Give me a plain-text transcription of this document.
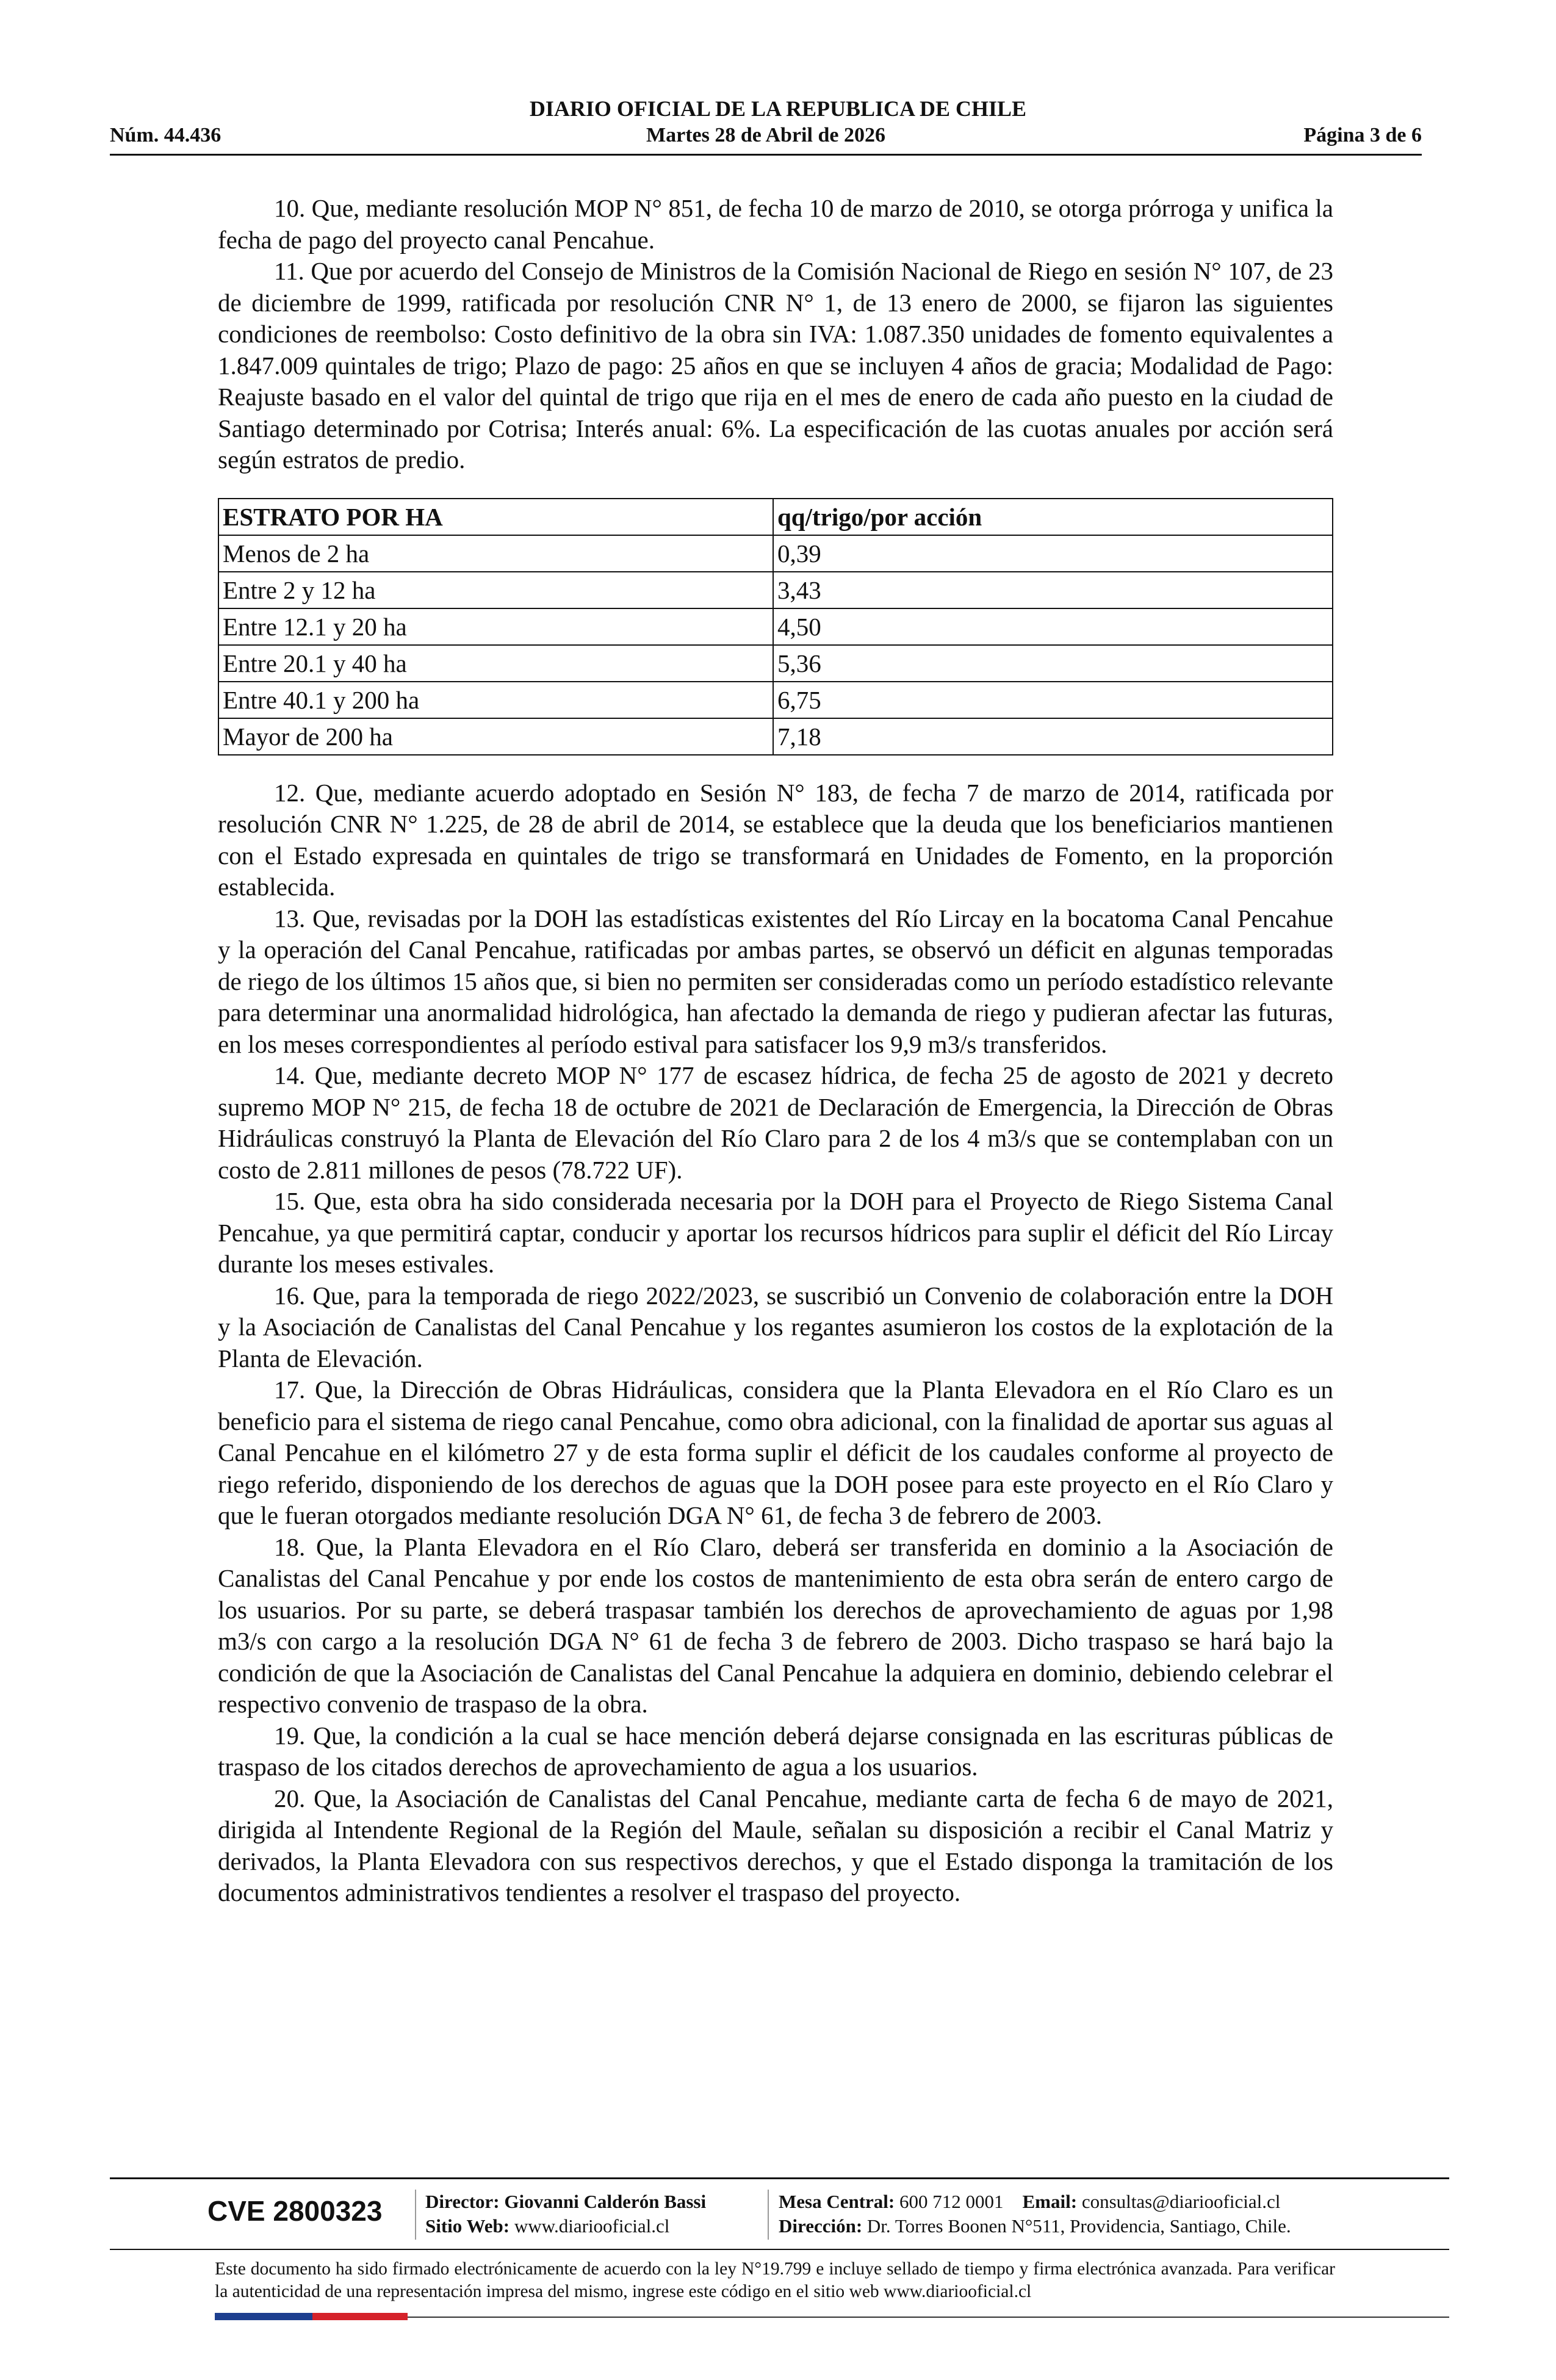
DIARIO OFICIAL DE LA REPUBLICA DE CHILE
Martes 28 de Abril de 2026
Núm. 44.436	Página 3 de 6

10. Que, mediante resolución MOP N° 851, de fecha 10 de marzo de 2010, se otorga prórroga y unifica la fecha de pago del proyecto canal Pencahue.

11. Que por acuerdo del Consejo de Ministros de la Comisión Nacional de Riego en sesión N° 107, de 23 de diciembre de 1999, ratificada por resolución CNR N° 1, de 13 enero de 2000, se fijaron las siguientes condiciones de reembolso: Costo definitivo de la obra sin IVA: 1.087.350 unidades de fomento equivalentes a 1.847.009 quintales de trigo; Plazo de pago: 25 años en que se incluyen 4 años de gracia; Modalidad de Pago: Reajuste basado en el valor del quintal de trigo que rija en el mes de enero de cada año puesto en la ciudad de Santiago determinado por Cotrisa; Interés anual: 6%. La especificación de las cuotas anuales por acción será según estratos de predio.

ESTRATO POR HA	qq/trigo/por acción
Menos de 2 ha	0,39
Entre 2 y 12 ha	3,43
Entre 12.1 y 20 ha	4,50
Entre 20.1 y 40 ha	5,36
Entre 40.1 y 200 ha	6,75
Mayor de 200 ha	7,18

12. Que, mediante acuerdo adoptado en Sesión N° 183, de fecha 7 de marzo de 2014, ratificada por resolución CNR N° 1.225, de 28 de abril de 2014, se establece que la deuda que los beneficiarios mantienen con el Estado expresada en quintales de trigo se transformará en Unidades de Fomento, en la proporción establecida.

13. Que, revisadas por la DOH las estadísticas existentes del Río Lircay en la bocatoma Canal Pencahue y la operación del Canal Pencahue, ratificadas por ambas partes, se observó un déficit en algunas temporadas de riego de los últimos 15 años que, si bien no permiten ser consideradas como un período estadístico relevante para determinar una anormalidad hidrológica, han afectado la demanda de riego y pudieran afectar las futuras, en los meses correspondientes al período estival para satisfacer los 9,9 m3/s transferidos.

14. Que, mediante decreto MOP N° 177 de escasez hídrica, de fecha 25 de agosto de 2021 y decreto supremo MOP N° 215, de fecha 18 de octubre de 2021 de Declaración de Emergencia, la Dirección de Obras Hidráulicas construyó la Planta de Elevación del Río Claro para 2 de los 4 m3/s que se contemplaban con un costo de 2.811 millones de pesos (78.722 UF).

15. Que, esta obra ha sido considerada necesaria por la DOH para el Proyecto de Riego Sistema Canal Pencahue, ya que permitirá captar, conducir y aportar los recursos hídricos para suplir el déficit del Río Lircay durante los meses estivales.

16. Que, para la temporada de riego 2022/2023, se suscribió un Convenio de colaboración entre la DOH y la Asociación de Canalistas del Canal Pencahue y los regantes asumieron los costos de la explotación de la Planta de Elevación.

17. Que, la Dirección de Obras Hidráulicas, considera que la Planta Elevadora en el Río Claro es un beneficio para el sistema de riego canal Pencahue, como obra adicional, con la finalidad de aportar sus aguas al Canal Pencahue en el kilómetro 27 y de esta forma suplir el déficit de los caudales conforme al proyecto de riego referido, disponiendo de los derechos de aguas que la DOH posee para este proyecto en el Río Claro y que le fueran otorgados mediante resolución DGA N° 61, de fecha 3 de febrero de 2003.

18. Que, la Planta Elevadora en el Río Claro, deberá ser transferida en dominio a la Asociación de Canalistas del Canal Pencahue y por ende los costos de mantenimiento de esta obra serán de entero cargo de los usuarios. Por su parte, se deberá traspasar también los derechos de aprovechamiento de aguas por 1,98 m3/s con cargo a la resolución DGA N° 61 de fecha 3 de febrero de 2003. Dicho traspaso se hará bajo la condición de que la Asociación de Canalistas del Canal Pencahue la adquiera en dominio, debiendo celebrar el respectivo convenio de traspaso de la obra.

19. Que, la condición a la cual se hace mención deberá dejarse consignada en las escrituras públicas de traspaso de los citados derechos de aprovechamiento de agua a los usuarios.

20. Que, la Asociación de Canalistas del Canal Pencahue, mediante carta de fecha 6 de mayo de 2021, dirigida al Intendente Regional de la Región del Maule, señalan su disposición a recibir el Canal Matriz y derivados, la Planta Elevadora con sus respectivos derechos, y que el Estado disponga la tramitación de los documentos administrativos tendientes a resolver el traspaso del proyecto.

CVE 2800323 Director: Giovanni Calderón Bassi
Sitio Web: www.diariooficial.cl
Mesa Central: 600 712 0001 Email: consultas@diariooficial.cl
Dirección: Dr. Torres Boonen N°511, Providencia, Santiago, Chile.
Este documento ha sido firmado electrónicamente de acuerdo con la ley N°19.799 e incluye sellado de tiempo y firma electrónica avanzada. Para verificar la autenticidad de una representación impresa del mismo, ingrese este código en el sitio web www.diariooficial.cl
